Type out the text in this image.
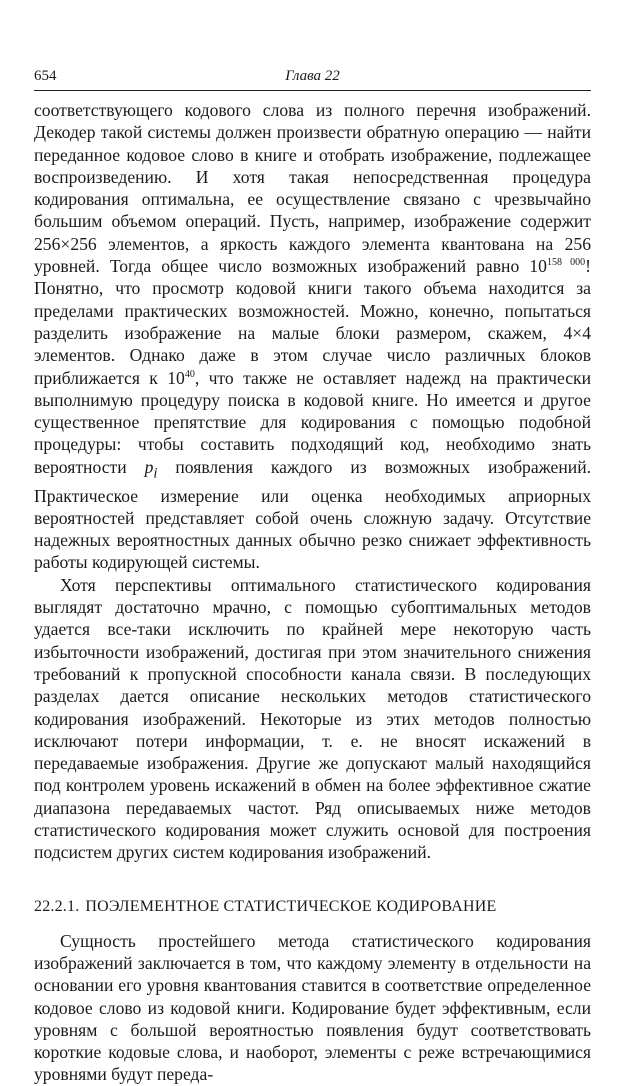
654	Глава 22

соответствующего кодового слова из полного перечня изображений. Декодер такой системы должен произвести обратную операцию — найти переданное кодовое слово в книге и отобрать изображение, подлежащее воспроизведению. И хотя такая непосредственная процедура кодирования оптимальна, ее осуществление связано с чрезвычайно большим объемом операций. Пусть, например, изображение содержит 256×256 элементов, а яркость каждого элемента квантована на 256 уровней. Тогда общее число возможных изображений равно $10^{158 000}$! Понятно, что просмотр кодовой книги такого объема находится за пределами практических возможностей. Можно, конечно, попытаться разделить изображение на малые блоки размером, скажем, 4×4 элементов. Однако даже в этом случае число различных блоков приближается к $10^{40}$, что также не оставляет надежд на практически выполнимую процедуру поиска в кодовой книге. Но имеется и другое существенное препятствие для кодирования с помощью подобной процедуры: чтобы составить подходящий код, необходимо знать вероятности $p_i$ появления каждого из возможных изображений. Практическое измерение или оценка необходимых априорных вероятностей представляет собой очень сложную задачу. Отсутствие надежных вероятностных данных обычно резко снижает эффективность работы кодирующей системы.

Хотя перспективы оптимального статистического кодирования выглядят достаточно мрачно, с помощью субоптимальных методов удается все-таки исключить по крайней мере некоторую часть избыточности изображений, достигая при этом значительного снижения требований к пропускной способности канала связи. В последующих разделах дается описание нескольких методов статистического кодирования изображений. Некоторые из этих методов полностью исключают потери информации, т. е. не вносят искажений в передаваемые изображения. Другие же допускают малый находящийся под контролем уровень искажений в обмен на более эффективное сжатие диапазона передаваемых частот. Ряд описываемых ниже методов статистического кодирования может служить основой для построения подсистем других систем кодирования изображений.

22.2.1. ПОЭЛЕМЕНТНОЕ СТАТИСТИЧЕСКОЕ КОДИРОВАНИЕ

Сущность простейшего метода статистического кодирования изображений заключается в том, что каждому элементу в отдельности на основании его уровня квантования ставится в соответствие определенное кодовое слово из кодовой книги. Кодирование будет эффективным, если уровням с большой вероятностью появления будут соответствовать короткие кодовые слова, и наоборот, элементы с реже встречающимися уровнями будут переда-
